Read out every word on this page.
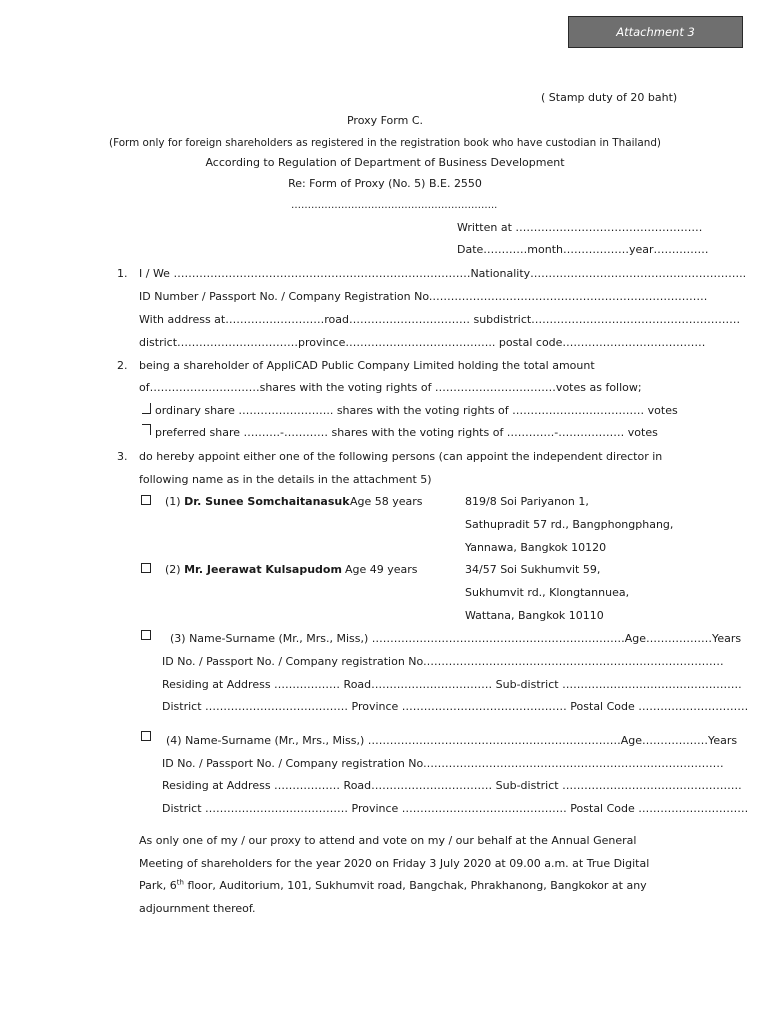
Attachment 3
( Stamp duty of 20 baht)
Proxy Form C.
(Form only for foreign shareholders as registered in the registration book who have custodian in Thailand)
According to Regulation of Department of Business Development
Re: Form of Proxy (No. 5) B.E. 2550
……………………………………………………..
Written at ……………………………………………
Date…………month………………year……………
1. I / We ………………………………………………………………………Nationality…………………………………………………..
ID Number / Passport No. / Company Registration No.…………………………………………………………………
With address at………………………road…………………………… subdistrict…………………………………………………
district……………………………province………………………………….. postal code…………………………………
2. being a shareholder of AppliCAD Public Company Limited holding the total amount
of…………………………shares with the voting rights of ……………………………votes as follow;
ordinary share …………………….. shares with the voting rights of ……………………………… votes
preferred share ……….-………… shares with the voting rights of ………….-……………… votes
3. do hereby appoint either one of the following persons (can appoint the independent director in
following name as in the details in the attachment 5)
(1) Dr. Sunee Somchaitanasuk Age 58 years	819/8 Soi Pariyanon 1,
Sathupradit 57 rd., Bangphongphang,
Yannawa, Bangkok 10120
(2) Mr. Jeerawat Kulsapudom Age 49 years	34/57 Soi Sukhumvit 59,
Sukhumvit rd., Klongtannuea,
Wattana, Bangkok 10110
(3) Name-Surname (Mr., Mrs., Miss,) ……………………………………………………………Age………………Years
ID No. / Passport No. / Company registration No.………………………………………………………………………
Residing at Address ……………… Road…………………………… Sub-district ………………………………………….
District ………………………………… Province ……………………………………… Postal Code …………………………
(4) Name-Surname (Mr., Mrs., Miss,) ……………………………………………………………Age………………Years
ID No. / Passport No. / Company registration No.………………………………………………………………………
Residing at Address ……………… Road…………………………… Sub-district ………………………………………….
District ………………………………… Province ……………………………………… Postal Code …………………………
As only one of my / our proxy to attend and vote on my / our behalf at the Annual General
Meeting of shareholders for the year 2020 on Friday 3 July 2020 at 09.00 a.m. at True Digital
Park, 6th floor, Auditorium, 101, Sukhumvit road, Bangchak, Phrakhanong, Bangkokor at any
adjournment thereof.
